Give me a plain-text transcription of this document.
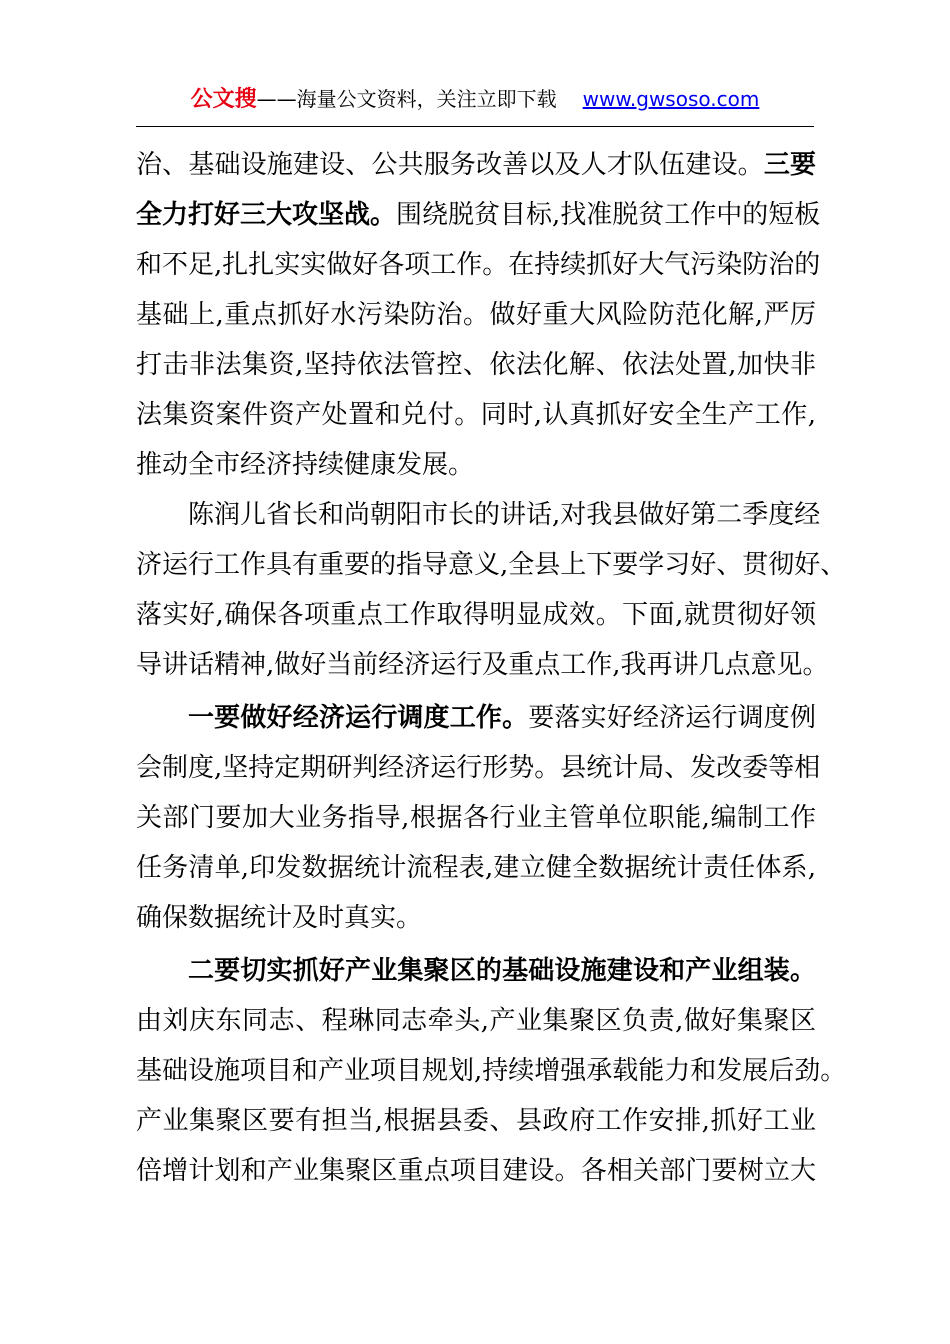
公文搜——海量公文资料，关注立即下载 www.gwsoso.com
治、基础设施建设、公共服务改善以及人才队伍建设。三要
全力打好三大攻坚战。围绕脱贫目标,找准脱贫工作中的短板
和不足,扎扎实实做好各项工作。在持续抓好大气污染防治的
基础上,重点抓好水污染防治。做好重大风险防范化解,严厉
打击非法集资,坚持依法管控、依法化解、依法处置,加快非
法集资案件资产处置和兑付。同时,认真抓好安全生产工作,
推动全市经济持续健康发展。
陈润儿省长和尚朝阳市长的讲话,对我县做好第二季度经
济运行工作具有重要的指导意义,全县上下要学习好、贯彻好、
落实好,确保各项重点工作取得明显成效。下面,就贯彻好领
导讲话精神,做好当前经济运行及重点工作,我再讲几点意见。
一要做好经济运行调度工作。要落实好经济运行调度例
会制度,坚持定期研判经济运行形势。县统计局、发改委等相
关部门要加大业务指导,根据各行业主管单位职能,编制工作
任务清单,印发数据统计流程表,建立健全数据统计责任体系,
确保数据统计及时真实。
二要切实抓好产业集聚区的基础设施建设和产业组装。
由刘庆东同志、程琳同志牵头,产业集聚区负责,做好集聚区
基础设施项目和产业项目规划,持续增强承载能力和发展后劲。
产业集聚区要有担当,根据县委、县政府工作安排,抓好工业
倍增计划和产业集聚区重点项目建设。各相关部门要树立大
